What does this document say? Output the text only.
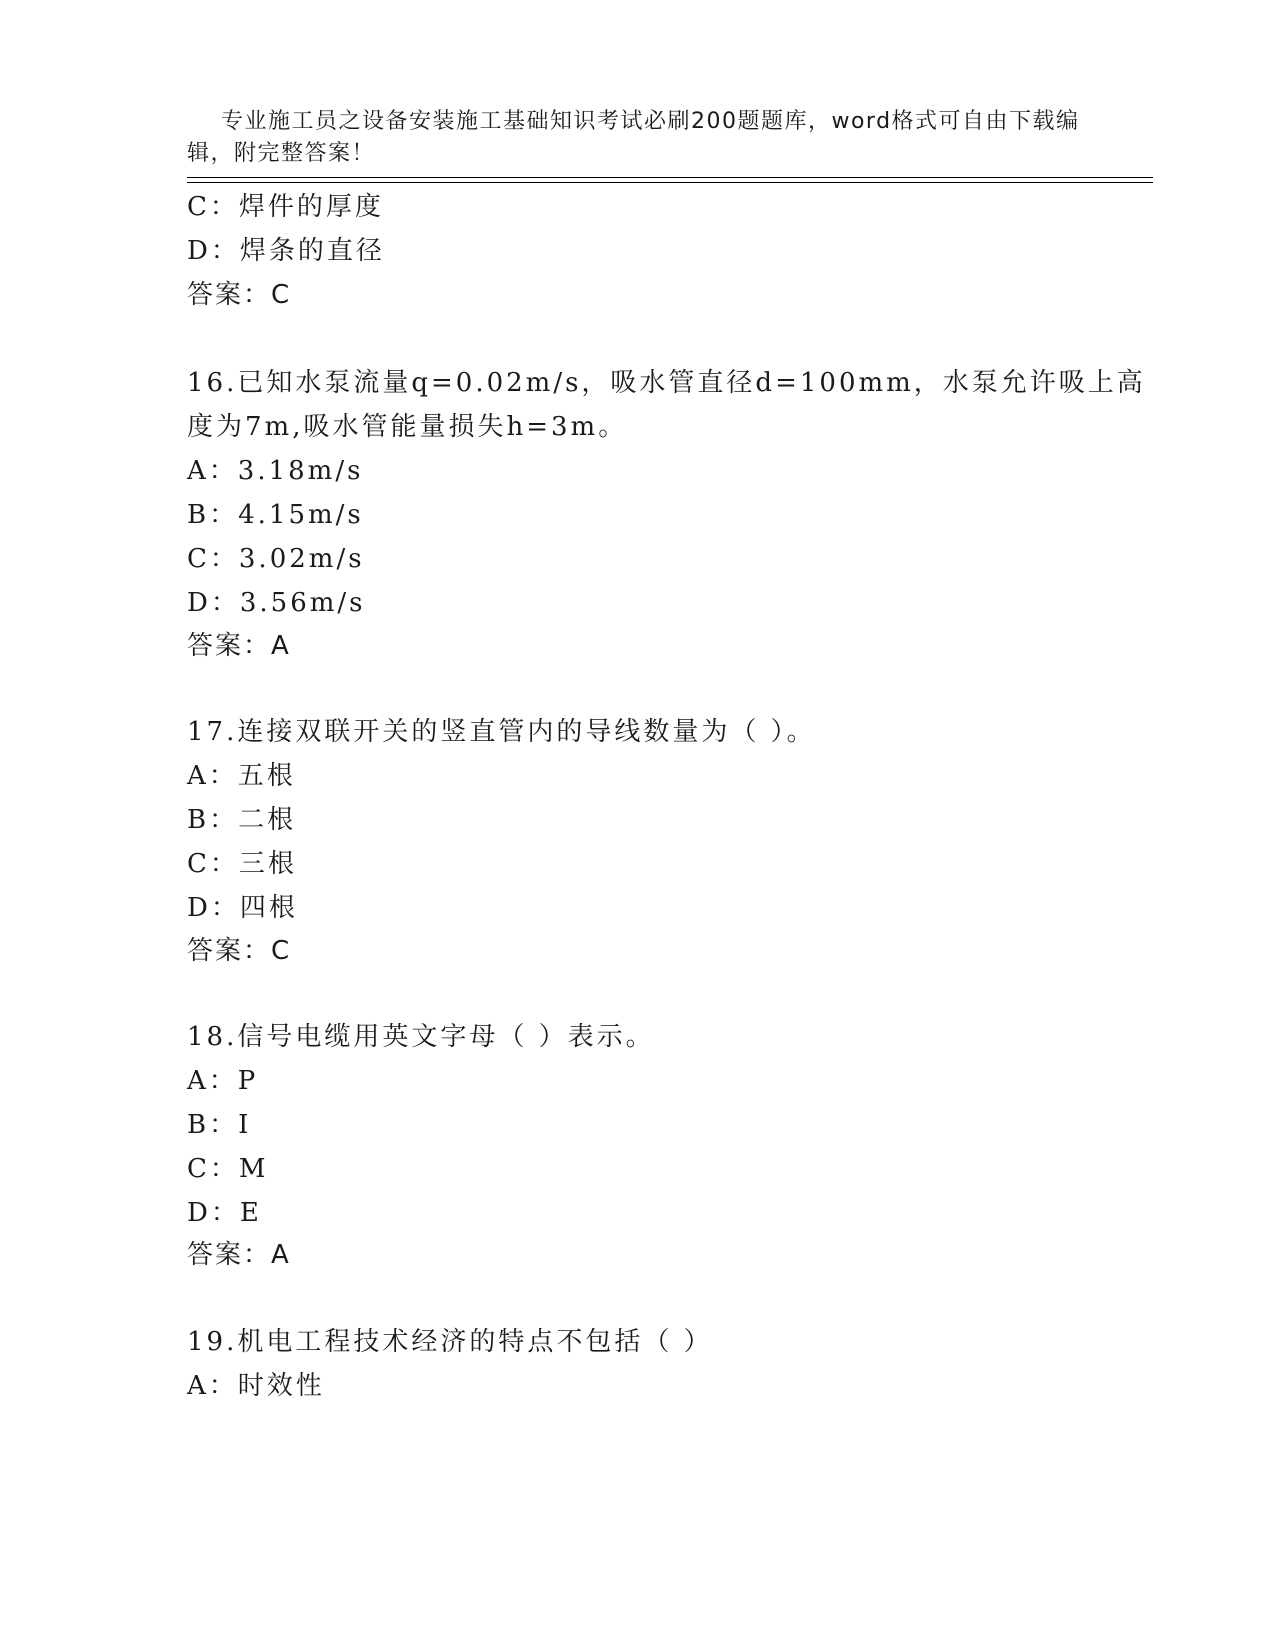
专业施工员之设备安装施工基础知识考试必刷200题题库，word格式可自由下载编辑，附完整答案！

C：焊件的厚度
D：焊条的直径
答案：C
16.已知水泵流量q=0.02m/s，吸水管直径d=100mm，水泵允许吸上高
度为7m,吸水管能量损失h=3m。
A：3.18m/s
B：4.15m/s
C：3.02m/s
D：3.56m/s
答案：A
17.连接双联开关的竖直管内的导线数量为（ ）。
A：五根
B：二根
C：三根
D：四根
答案：C
18.信号电缆用英文字母（ ）表示。
A：P
B：I
C：M
D：E
答案：A
19.机电工程技术经济的特点不包括（ ）
A：时效性
